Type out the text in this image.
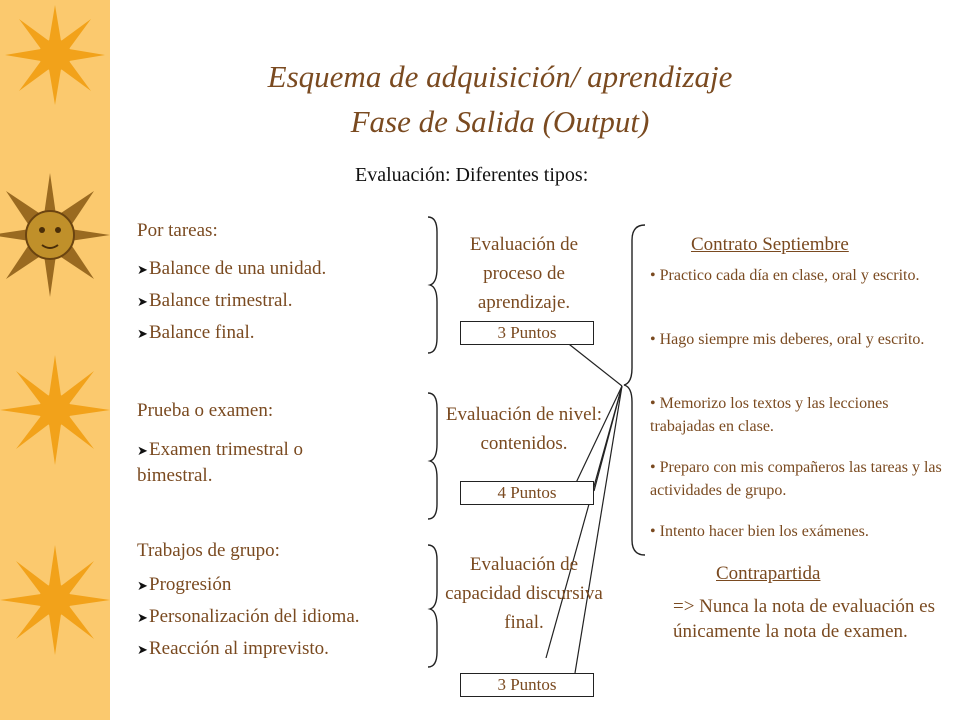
Esquema de adquisición/ aprendizaje
Fase de Salida (Output)
Evaluación: Diferentes tipos:
Por tareas:
➤Balance de una unidad.
➤Balance trimestral.
➤Balance final.
Prueba o examen:
➤Examen trimestral o bimestral.
Trabajos de grupo:
➤Progresión
➤Personalización del idioma.
➤Reacción al imprevisto.
Evaluación de proceso de aprendizaje.
3 Puntos
Evaluación de nivel: contenidos.
4 Puntos
Evaluación de capacidad discursiva final.
3 Puntos
Contrato Septiembre
• Practico cada día en clase, oral y escrito.
• Hago siempre mis deberes, oral y escrito.
• Memorizo los textos y las lecciones trabajadas en clase.
• Preparo con mis compañeros las tareas y las actividades de grupo.
• Intento hacer bien los exámenes.
Contrapartida
=> Nunca la nota de evaluación es únicamente la nota de examen.
